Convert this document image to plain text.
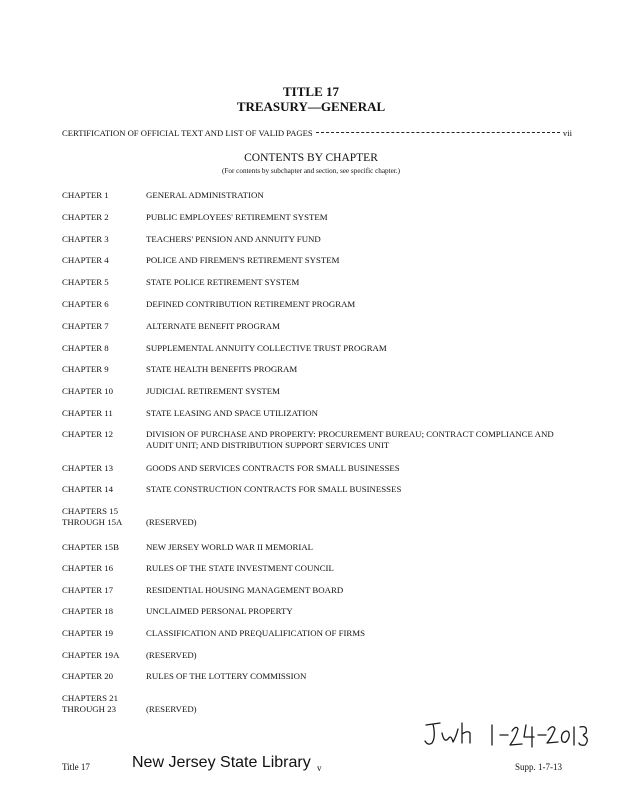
TITLE 17
TREASURY—GENERAL
CERTIFICATION OF OFFICIAL TEXT AND LIST OF VALID PAGES	vii
CONTENTS BY CHAPTER
(For contents by subchapter and section, see specific chapter.)
CHAPTER 1	GENERAL ADMINISTRATION
CHAPTER 2	PUBLIC EMPLOYEES' RETIREMENT SYSTEM
CHAPTER 3	TEACHERS' PENSION AND ANNUITY FUND
CHAPTER 4	POLICE AND FIREMEN'S RETIREMENT SYSTEM
CHAPTER 5	STATE POLICE RETIREMENT SYSTEM
CHAPTER 6	DEFINED CONTRIBUTION RETIREMENT PROGRAM
CHAPTER 7	ALTERNATE BENEFIT PROGRAM
CHAPTER 8	SUPPLEMENTAL ANNUITY COLLECTIVE TRUST PROGRAM
CHAPTER 9	STATE HEALTH BENEFITS PROGRAM
CHAPTER 10	JUDICIAL RETIREMENT SYSTEM
CHAPTER 11	STATE LEASING AND SPACE UTILIZATION
CHAPTER 12	DIVISION OF PURCHASE AND PROPERTY: PROCUREMENT BUREAU; CONTRACT COMPLIANCE AND AUDIT UNIT; AND DISTRIBUTION SUPPORT SERVICES UNIT
CHAPTER 13	GOODS AND SERVICES CONTRACTS FOR SMALL BUSINESSES
CHAPTER 14	STATE CONSTRUCTION CONTRACTS FOR SMALL BUSINESSES
CHAPTERS 15 THROUGH 15A	(RESERVED)
CHAPTER 15B	NEW JERSEY WORLD WAR II MEMORIAL
CHAPTER 16	RULES OF THE STATE INVESTMENT COUNCIL
CHAPTER 17	RESIDENTIAL HOUSING MANAGEMENT BOARD
CHAPTER 18	UNCLAIMED PERSONAL PROPERTY
CHAPTER 19	CLASSIFICATION AND PREQUALIFICATION OF FIRMS
CHAPTER 19A	(RESERVED)
CHAPTER 20	RULES OF THE LOTTERY COMMISSION
CHAPTERS 21 THROUGH 23	(RESERVED)
Title 17	New Jersey State Library v	Supp. 1-7-13
